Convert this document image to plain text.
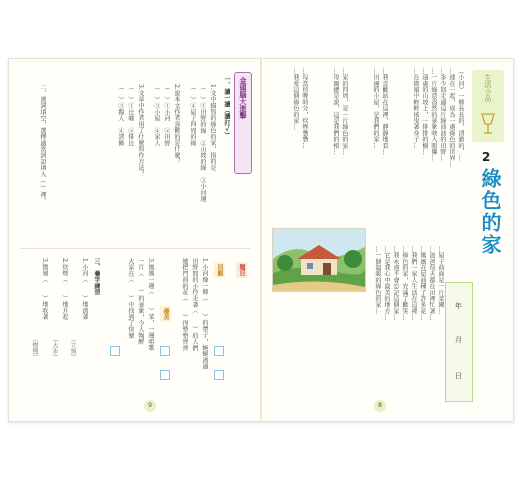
生活小品
2
綠色的家
年
月
日
（小河）一條長長的、清澈的、…
…連在一起，成為一處綠色的世界…
…多少回走過這片綠油油的田野…
…一片綠意盎然的景象映入眼簾…
…遠處的山坡上，一排排的樹…
…在微風中輕輕搖曳著身子…
…我喜歡站在這裡，靜靜地看…
…田邊的小屋，是我們的家…
…家的四周，是一片綠色的家…
…母親總是說，這是我們的根…
…每當傍晚時分，炊煙裊裊…
…我愛這個綠色的家…
…屋子前面是一片菜園…
…爸爸每天都在田裡忙著…
…媽媽在屋前種了許多花…
…我們一家人生活在這裡…
…綠色的家，充滿了歡笑…
…我永遠不會忘記這個家…
…它是我心中最美的地方…
…一個溫暖的綠色的家…
8
金頭腦大進擊
一、讀一讀（讀打✓）
1.文中描寫的綠色的家，指的是
（　）①田野的綠　②山坡的綠　③小河邊
（　）④屋子四周的綠
2.說本文作者喜歡的是什麼？
（　）①小河　②田野
（　）③小屋　④家人
3.文章中作者用了什麼寫作方法？
（　）①比喻　②排比
（　）③擬人　④誇飾
二、選詞填空，選擇適當詞語填入（ ）裡。
題目
回顧
優美	1.小河像一條（　　）的帶子，蜿蜒流過
田野間的小徑走著（　　）的人們
她把門前的花（　　）得整整齊齊
3.媽媽一邊（　　）菜，一邊唱歌
一片（　　）的景象，令人陶醉
大家在（　　）中找到了快樂
三、疊字練習
1.小河（　　）地流著
2.炊煙（　　）地升起
3.微風（　　）地吹著
（立刻）
（大步）
（慢慢）
9
